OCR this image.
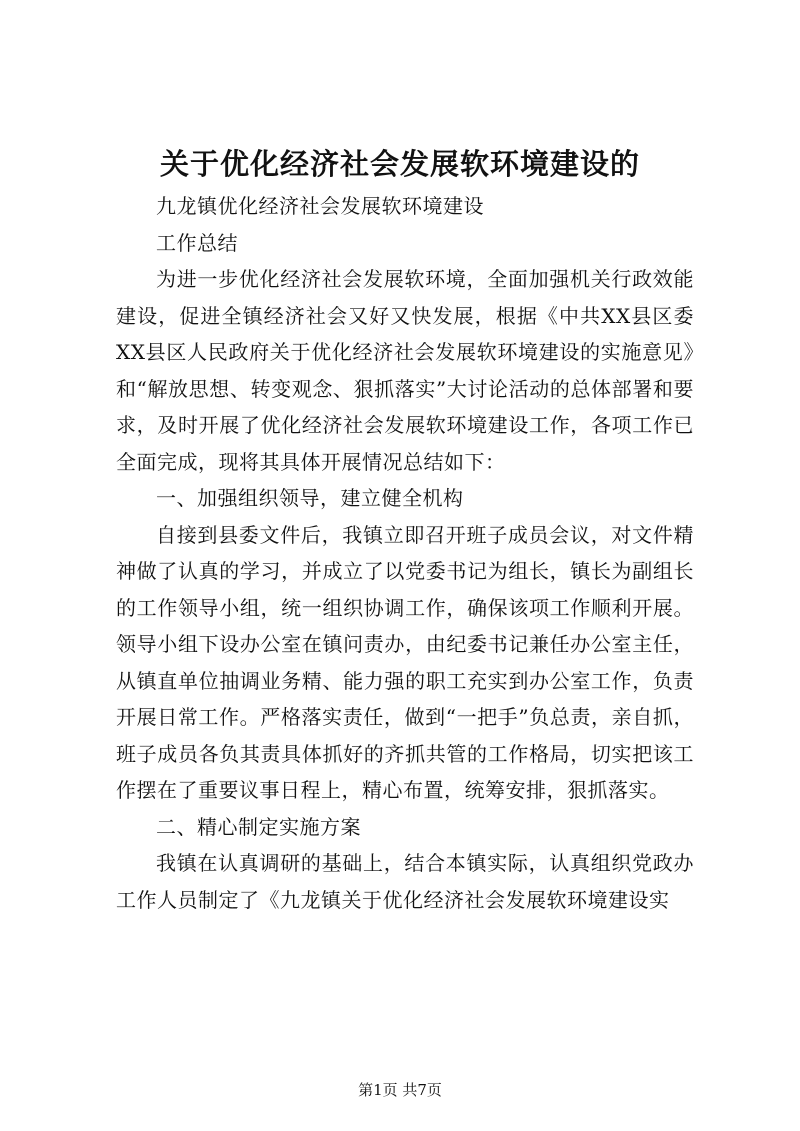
关于优化经济社会发展软环境建设的

九龙镇优化经济社会发展软环境建设

工作总结

为进一步优化经济社会发展软环境，全面加强机关行政效能建设，促进全镇经济社会又好又快发展，根据《中共XX县区委XX县区人民政府关于优化经济社会发展软环境建设的实施意见》和“解放思想、转变观念、狠抓落实”大讨论活动的总体部署和要求，及时开展了优化经济社会发展软环境建设工作，各项工作已全面完成，现将其具体开展情况总结如下：

一、加强组织领导，建立健全机构

自接到县委文件后，我镇立即召开班子成员会议，对文件精神做了认真的学习，并成立了以党委书记为组长，镇长为副组长的工作领导小组，统一组织协调工作，确保该项工作顺利开展。领导小组下设办公室在镇问责办，由纪委书记兼任办公室主任，从镇直单位抽调业务精、能力强的职工充实到办公室工作，负责开展日常工作。严格落实责任，做到“一把手”负总责，亲自抓，班子成员各负其责具体抓好的齐抓共管的工作格局，切实把该工作摆在了重要议事日程上，精心布置，统筹安排，狠抓落实。

二、精心制定实施方案

我镇在认真调研的基础上，结合本镇实际，认真组织党政办工作人员制定了《九龙镇关于优化经济社会发展软环境建设实

第1页 共7页
